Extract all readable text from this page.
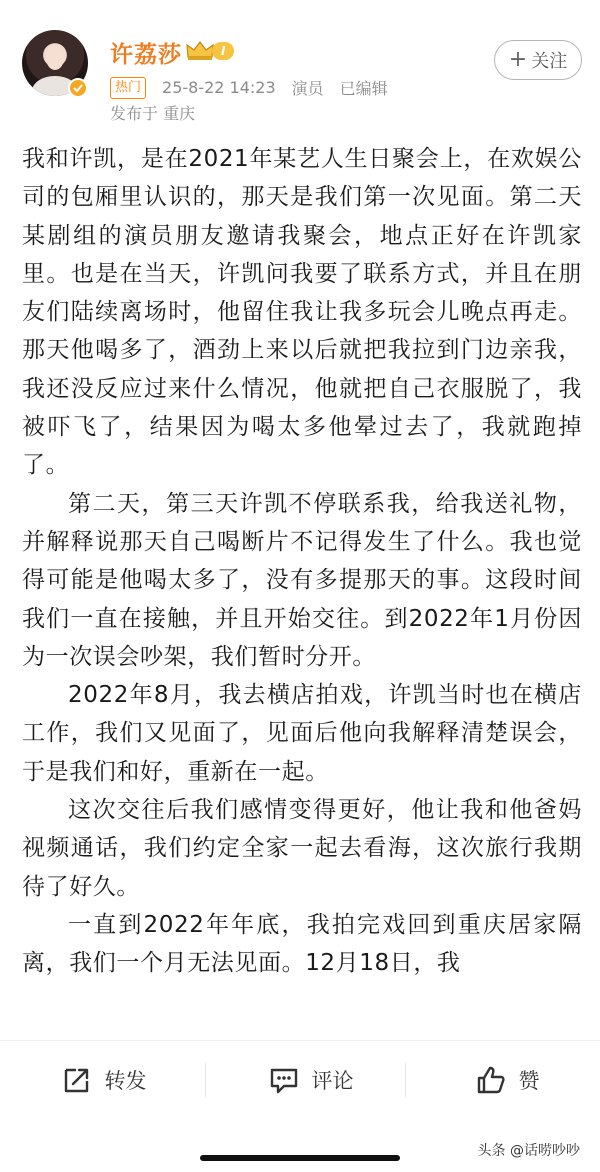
许荔莎	I
热门	25-8-22 14:23 演员 已编辑
发布于 重庆
+ 关注

我和许凯，是在2021年某艺人生日聚会上，在欢娱公司的包厢里认识的，那天是我们第一次见面。第二天某剧组的演员朋友邀请我聚会，地点正好在许凯家里。也是在当天，许凯问我要了联系方式，并且在朋友们陆续离场时，他留住我让我多玩会儿晚点再走。那天他喝多了，酒劲上来以后就把我拉到门边亲我，我还没反应过来什么情况，他就把自己衣服脱了，我被吓飞了，结果因为喝太多他晕过去了，我就跑掉了。

第二天，第三天许凯不停联系我，给我送礼物，并解释说那天自己喝断片不记得发生了什么。我也觉得可能是他喝太多了，没有多提那天的事。这段时间我们一直在接触，并且开始交往。到2022年1月份因为一次误会吵架，我们暂时分开。

2022年8月，我去横店拍戏，许凯当时也在横店工作，我们又见面了，见面后他向我解释清楚误会，于是我们和好，重新在一起。

这次交往后我们感情变得更好，他让我和他爸妈视频通话，我们约定全家一起去看海，这次旅行我期待了好久。

一直到2022年年底，我拍完戏回到重庆居家隔离，我们一个月无法见面。12月18日，我

转发	评论	赞
头条 @话唠吵吵
